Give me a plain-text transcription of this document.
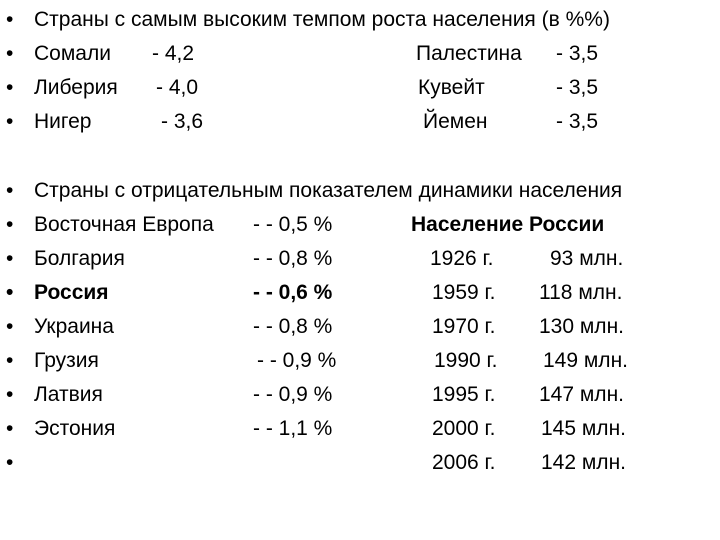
• Страны с самым высоким темпом роста населения (в %%)
• Сомали - 4,2	Палестина - 3,5
• Либерия - 4,0	Кувейт	- 3,5
• Нигер	- 3,6	Йемен	- 3,5
• Страны с отрицательным показателем динамики населения
• Восточная Европа - - 0,5 %	Население России
• Болгария	- - 0,8 %	1926 г.	93 млн.
• Россия	- - 0,6 %	1959 г. 118 млн.
• Украина	- - 0,8 %	1970 г. 130 млн.
• Грузия	- - 0,9 %	1990 г. 149 млн.
• Латвия	- - 0,9 %	1995 г. 147 млн.
• Эстония	- - 1,1 %	2000 г. 145 млн.
•	2006 г. 142 млн.
